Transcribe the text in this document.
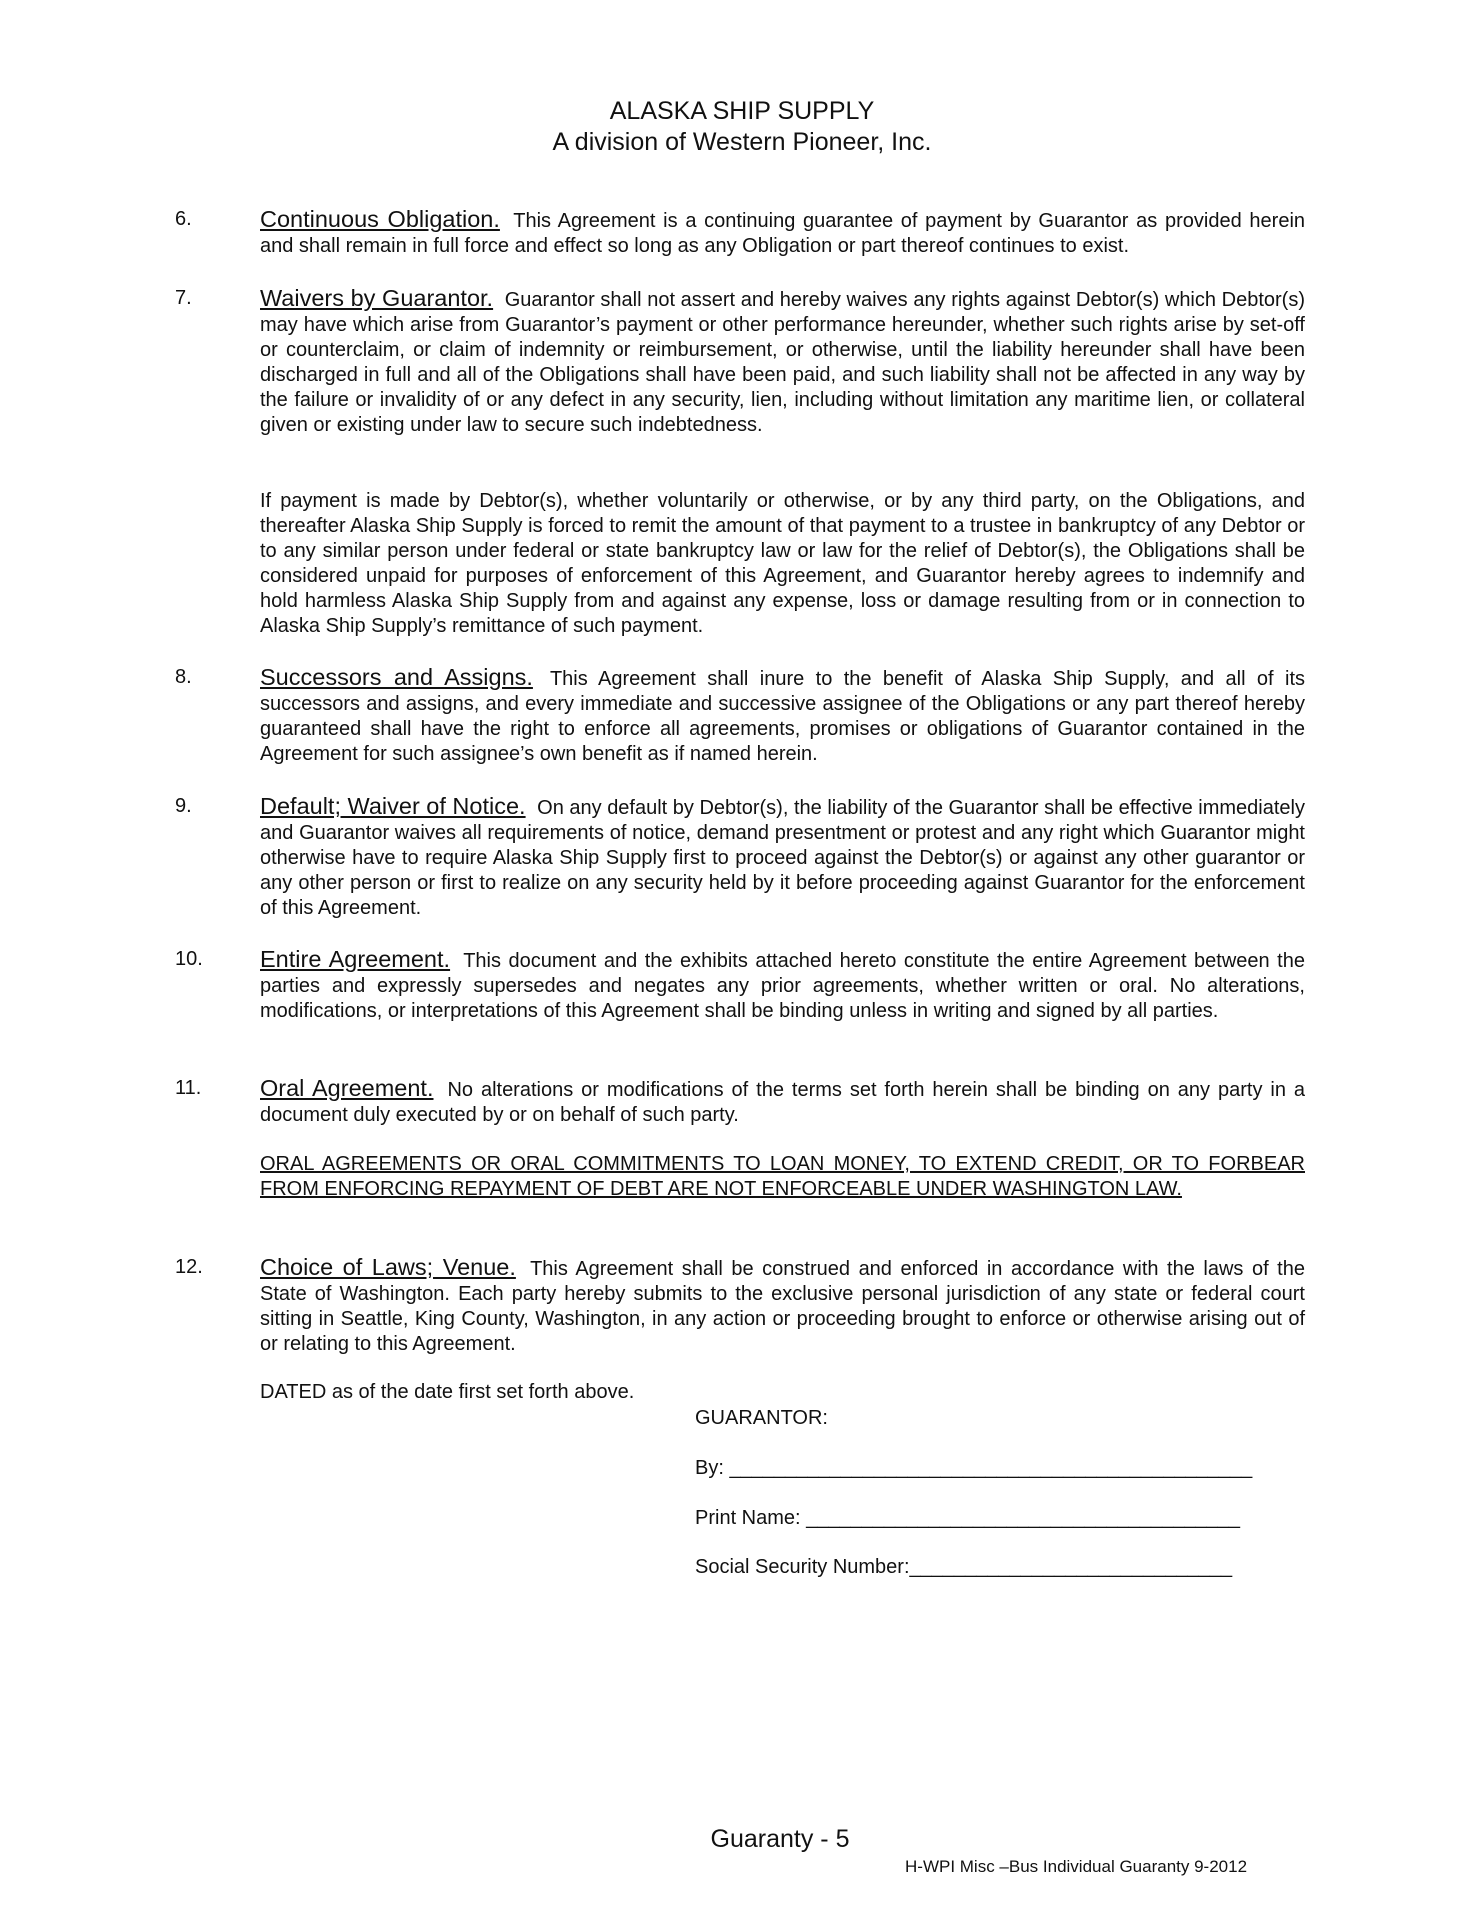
ALASKA SHIP SUPPLY
A division of Western Pioneer, Inc.
6.	Continuous Obligation. This Agreement is a continuing guarantee of payment by Guarantor as provided herein and shall remain in full force and effect so long as any Obligation or part thereof continues to exist.
7.	Waivers by Guarantor. Guarantor shall not assert and hereby waives any rights against Debtor(s) which Debtor(s) may have which arise from Guarantor’s payment or other performance hereunder, whether such rights arise by set-off or counterclaim, or claim of indemnity or reimbursement, or otherwise, until the liability hereunder shall have been discharged in full and all of the Obligations shall have been paid, and such liability shall not be affected in any way by the failure or invalidity of or any defect in any security, lien, including without limitation any maritime lien, or collateral given or existing under law to secure such indebtedness.
If payment is made by Debtor(s), whether voluntarily or otherwise, or by any third party, on the Obligations, and thereafter Alaska Ship Supply is forced to remit the amount of that payment to a trustee in bankruptcy of any Debtor or to any similar person under federal or state bankruptcy law or law for the relief of Debtor(s), the Obligations shall be considered unpaid for purposes of enforcement of this Agreement, and Guarantor hereby agrees to indemnify and hold harmless Alaska Ship Supply from and against any expense, loss or damage resulting from or in connection to Alaska Ship Supply’s remittance of such payment.
8.	Successors and Assigns. This Agreement shall inure to the benefit of Alaska Ship Supply, and all of its successors and assigns, and every immediate and successive assignee of the Obligations or any part thereof hereby guaranteed shall have the right to enforce all agreements, promises or obligations of Guarantor contained in the Agreement for such assignee’s own benefit as if named herein.
9.	Default; Waiver of Notice. On any default by Debtor(s), the liability of the Guarantor shall be effective immediately and Guarantor waives all requirements of notice, demand presentment or protest and any right which Guarantor might otherwise have to require Alaska Ship Supply first to proceed against the Debtor(s) or against any other guarantor or any other person or first to realize on any security held by it before proceeding against Guarantor for the enforcement of this Agreement.
10. Entire Agreement. This document and the exhibits attached hereto constitute the entire Agreement between the parties and expressly supersedes and negates any prior agreements, whether written or oral. No alterations, modifications, or interpretations of this Agreement shall be binding unless in writing and signed by all parties.
11. Oral Agreement. No alterations or modifications of the terms set forth herein shall be binding on any party in a document duly executed by or on behalf of such party.
ORAL AGREEMENTS OR ORAL COMMITMENTS TO LOAN MONEY, TO EXTEND CREDIT, OR TO FORBEAR FROM ENFORCING REPAYMENT OF DEBT ARE NOT ENFORCEABLE UNDER WASHINGTON LAW.
12. Choice of Laws; Venue. This Agreement shall be construed and enforced in accordance with the laws of the State of Washington. Each party hereby submits to the exclusive personal jurisdiction of any state or federal court sitting in Seattle, King County, Washington, in any action or proceeding brought to enforce or otherwise arising out of or relating to this Agreement.
DATED as of the date first set forth above.
GUARANTOR:
By: _______________________________________________
Print Name: _______________________________________
Social Security Number:_____________________________
Guaranty - 5
H-WPI Misc –Bus Individual Guaranty 9-2012
